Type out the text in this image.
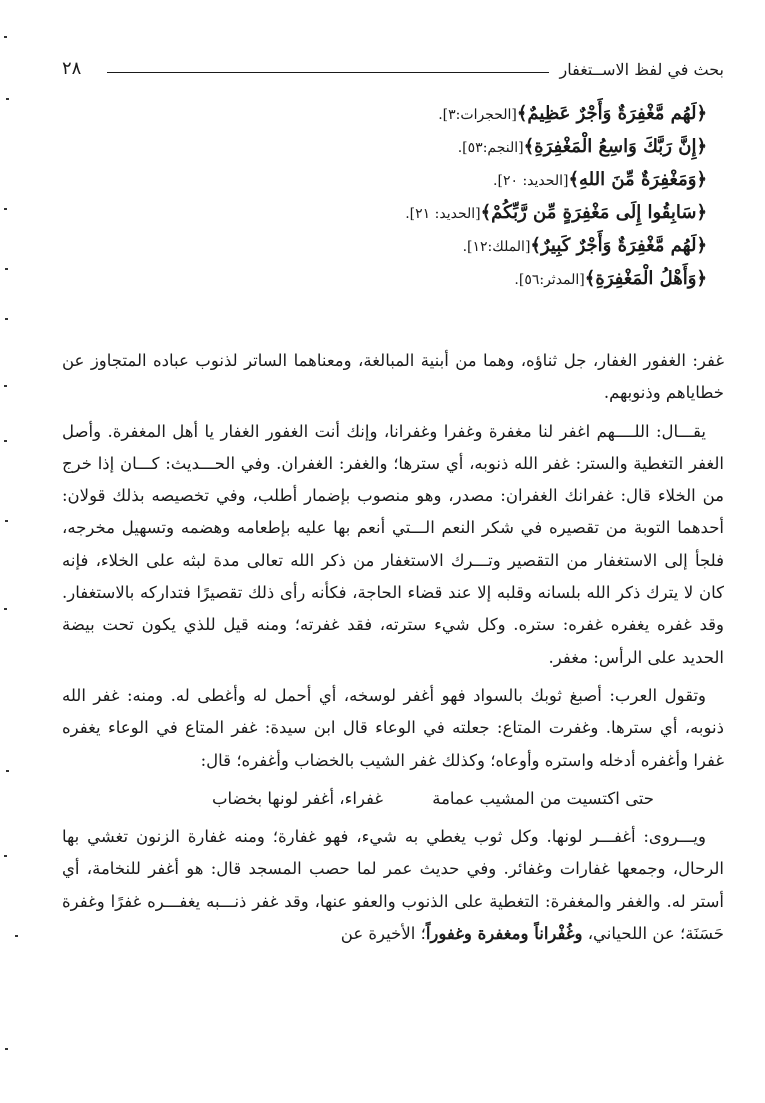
بحث في لفظ الاســتغفار
٢٨
﴿لَهُم مَّغْفِرَةٌ وَأَجْرٌ عَظِيمٌ﴾[الحجرات:٣].
﴿إِنَّ رَبَّكَ وَاسِعُ الْمَغْفِرَةِ﴾[النجم:٥٣].
﴿وَمَغْفِرَةٌ مِّنَ اللهِ﴾[الحديد: ٢٠].
﴿سَابِقُوا إِلَى مَغْفِرَةٍ مِّن رَّبِّكُمْ﴾[الحديد: ٢١].
﴿لَهُم مَّغْفِرَةٌ وَأَجْرٌ كَبِيرٌ﴾[الملك:١٢].
﴿وَأَهْلُ الْمَغْفِرَةِ﴾[المدثر:٥٦].

غفر: الغفور الغفار، جل ثناؤه، وهما من أبنية المبالغة، ومعناهما الساتر لذنوب عباده المتجاوز عن خطاياهم وذنوبهم.

يقـــال: اللــــهم اغفر لنا مغفرة وغفرا وغفرانا، وإنك أنت الغفور الغفار يا أهل المغفرة. وأصل الغفر التغطية والستر: غفر الله ذنوبه، أي سترها؛ والغفر: الغفران. وفي الحـــديث: كـــان إذا خرج من الخلاء قال: غفرانك الغفران: مصدر، وهو منصوب بإضمار أطلب، وفي تخصيصه بذلك قولان: أحدهما التوبة من تقصيره في شكر النعم الـــتي أنعم بها عليه بإطعامه وهضمه وتسهيل مخرجه، فلجأ إلى الاستغفار من التقصير وتـــرك الاستغفار من ذكر الله تعالى مدة لبثه على الخلاء، فإنه كان لا يترك ذكر الله بلسانه وقلبه إلا عند قضاء الحاجة، فكأنه رأى ذلك تقصيرًا فتداركه بالاستغفار. وقد غفره يغفره غفره: ستره. وكل شيء سترته، فقد غفرته؛ ومنه قيل للذي يكون تحت بيضة الحديد على الرأس: مغفر.

وتقول العرب: أصبغ ثوبك بالسواد فهو أغفر لوسخه، أي أحمل له وأغطى له. ومنه: غفر الله ذنوبه، أي سترها. وغفرت المتاع: جعلته في الوعاء قال ابن سيدة: غفر المتاع في الوعاء يغفره غفرا وأغفره أدخله واستره وأوعاه؛ وكذلك غفر الشيب بالخضاب وأغفره؛ قال:

حتى اكتسيت من المشيب عمامة
غفراء، أغفر لونها بخضاب

ويـــروى: أغفـــر لونها. وكل ثوب يغطي به شيء، فهو غفارة؛ ومنه غفارة الزنون تغشي بها الرحال، وجمعها غفارات وغفائر. وفي حديث عمر لما حصب المسجد قال: هو أغفر للنخامة، أي أستر له. والغفر والمغفرة: التغطية على الذنوب والعفو عنها، وقد غفر ذنـــبه يغفـــره غفرًا وغفرة حَسَنَة؛ عن اللحياني، وغُفْراناً ومغفرة وغفوراً؛ الأخيرة عن
